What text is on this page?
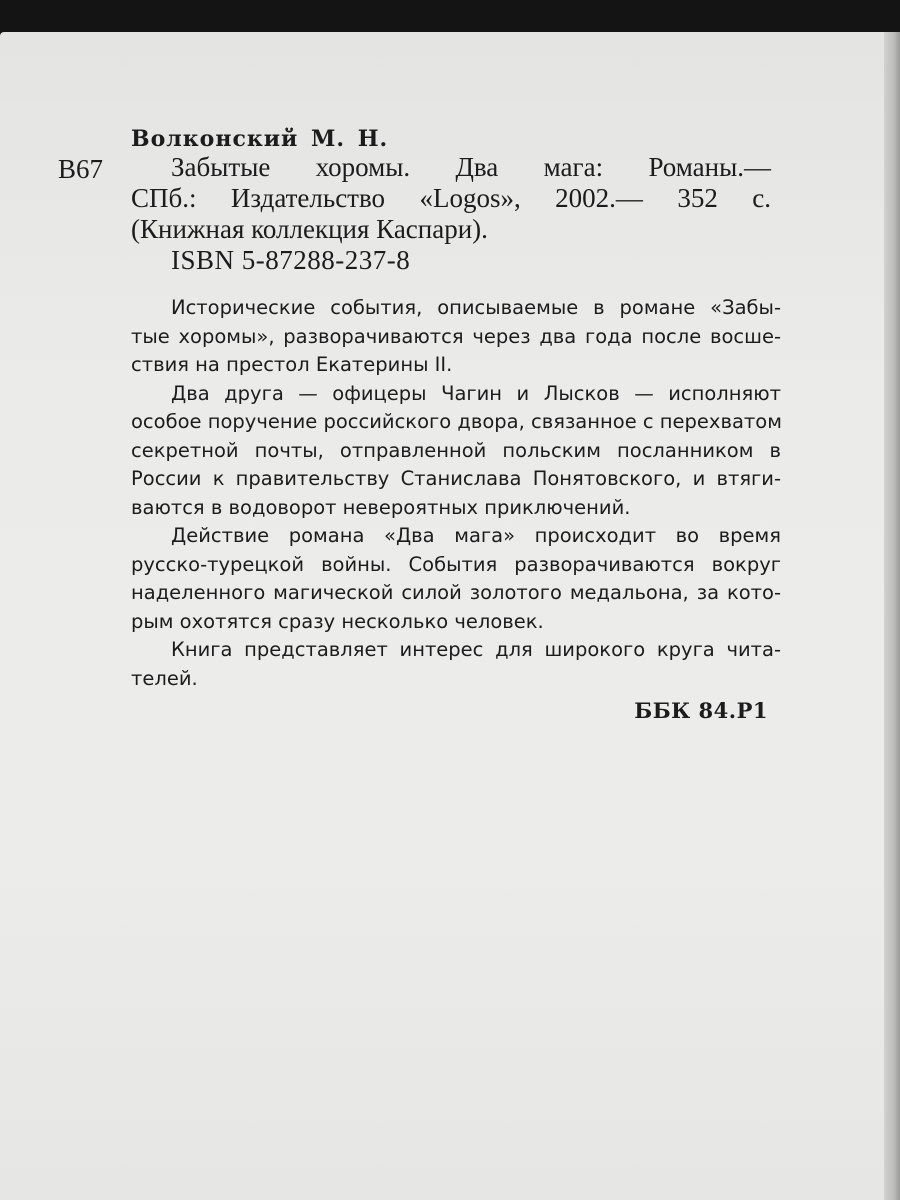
Волконский М. Н.
В67	Забытые хоромы. Два мага: Романы.—
СПб.: Издательство «Logos», 2002.— 352 с.
(Книжная коллекция Каспари).
ISBN 5-87288-237-8
Исторические события, описываемые в романе «Забы-
тые хоромы», разворачиваются через два года после восше-
ствия на престол Екатерины II.
Два друга — офицеры Чагин и Лысков — исполняют
особое поручение российского двора, связанное с перехватом
секретной почты, отправленной польским посланником в
России к правительству Станислава Понятовского, и втяги-
ваются в водоворот невероятных приключений.
Действие романа «Два мага» происходит во время
русско-турецкой войны. События разворачиваются вокруг
наделенного магической силой золотого медальона, за кото-
рым охотятся сразу несколько человек.
Книга представляет интерес для широкого круга чита-
телей.
ББК 84.Р1
